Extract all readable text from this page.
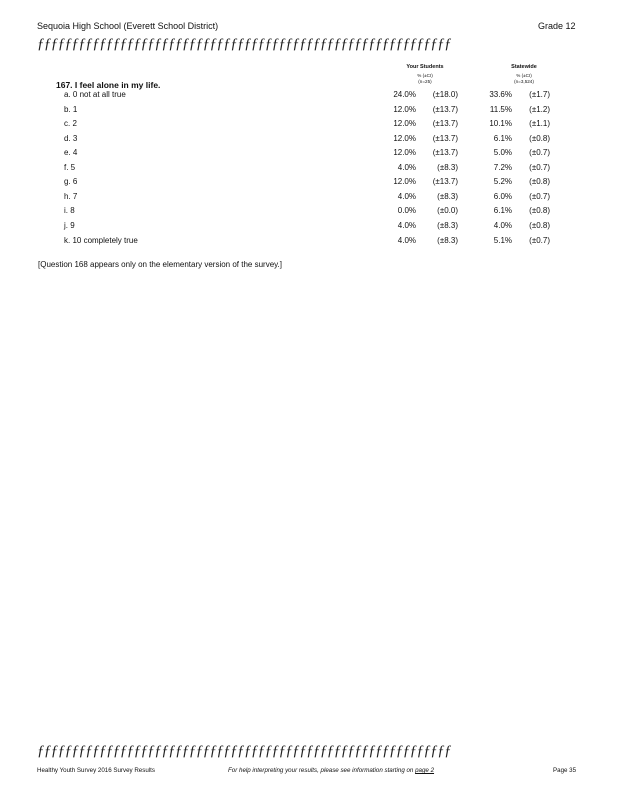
Sequoia High School (Everett School District)	Grade 12
ƒƒƒƒƒƒƒƒƒƒƒƒƒƒƒƒƒƒƒƒƒƒƒƒƒƒƒƒƒƒƒƒƒƒƒƒƒƒƒƒƒƒƒƒƒƒƒƒƒƒƒƒƒƒƒƒƒƒƒƒ
Your Students
% (±CI)
(n=25)
Statewide
% (±CI)
(n=3,524)
167. I feel alone in my life.
a. 0 not at all true	24.0%	(±18.0)	33.6%	(±1.7)
b. 1	12.0%	(±13.7)	11.5%	(±1.2)
c. 2	12.0%	(±13.7)	10.1%	(±1.1)
d. 3	12.0%	(±13.7)	6.1%	(±0.8)
e. 4	12.0%	(±13.7)	5.0%	(±0.7)
f. 5	4.0%	(±8.3)	7.2%	(±0.7)
g. 6	12.0%	(±13.7)	5.2%	(±0.8)
h. 7	4.0%	(±8.3)	6.0%	(±0.7)
i. 8	0.0%	(±0.0)	6.1%	(±0.8)
j. 9	4.0%	(±8.3)	4.0%	(±0.8)
k. 10 completely true	4.0%	(±8.3)	5.1%	(±0.7)
[Question 168 appears only on the elementary version of the survey.]
ƒƒƒƒƒƒƒƒƒƒƒƒƒƒƒƒƒƒƒƒƒƒƒƒƒƒƒƒƒƒƒƒƒƒƒƒƒƒƒƒƒƒƒƒƒƒƒƒƒƒƒƒƒƒƒƒƒƒƒƒ
Healthy Youth Survey 2016 Survey Results	For help interpreting your results, please see information starting on page 2	Page 35
